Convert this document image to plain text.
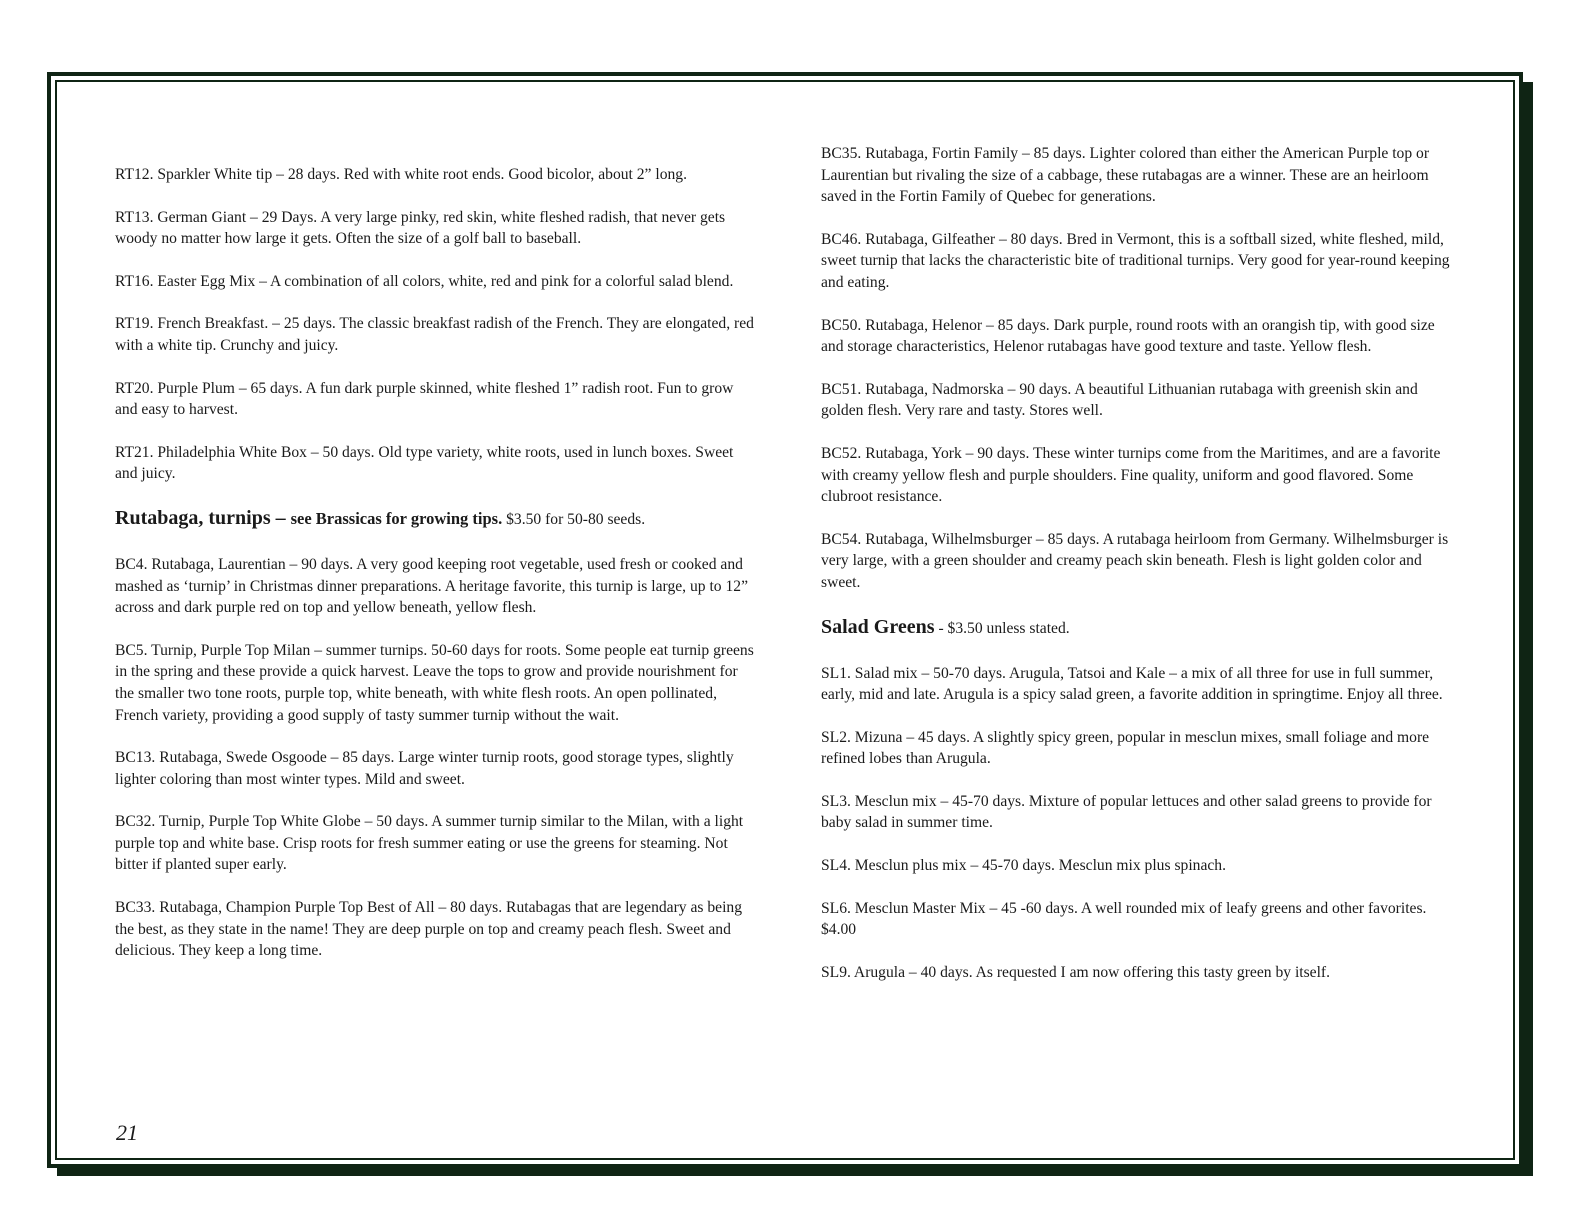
RT12. Sparkler White tip – 28 days. Red with white root ends. Good bicolor, about 2” long.

RT13. German Giant – 29 Days. A very large pinky, red skin, white fleshed radish, that never gets woody no matter how large it gets. Often the size of a golf ball to baseball.

RT16. Easter Egg Mix – A combination of all colors, white, red and pink for a colorful salad blend.

RT19. French Breakfast. – 25 days. The classic breakfast radish of the French. They are elongated, red with a white tip. Crunchy and juicy.

RT20. Purple Plum – 65 days. A fun dark purple skinned, white fleshed 1” radish root. Fun to grow and easy to harvest.

RT21. Philadelphia White Box – 50 days. Old type variety, white roots, used in lunch boxes. Sweet and juicy.

Rutabaga, turnips – see Brassicas for growing tips. $3.50 for 50-80 seeds.

BC4. Rutabaga, Laurentian – 90 days. A very good keeping root vegetable, used fresh or cooked and mashed as ‘turnip’ in Christmas dinner preparations. A heritage favorite, this turnip is large, up to 12” across and dark purple red on top and yellow beneath, yellow flesh.

BC5. Turnip, Purple Top Milan – summer turnips. 50-60 days for roots. Some people eat turnip greens in the spring and these provide a quick harvest. Leave the tops to grow and provide nourishment for the smaller two tone roots, purple top, white beneath, with white flesh roots. An open pollinated, French variety, providing a good supply of tasty summer turnip without the wait.

BC13. Rutabaga, Swede Osgoode – 85 days. Large winter turnip roots, good storage types, slightly lighter coloring than most winter types. Mild and sweet.

BC32. Turnip, Purple Top White Globe – 50 days. A summer turnip similar to the Milan, with a light purple top and white base. Crisp roots for fresh summer eating or use the greens for steaming. Not bitter if planted super early.

BC33. Rutabaga, Champion Purple Top Best of All – 80 days. Rutabagas that are legendary as being the best, as they state in the name! They are deep purple on top and creamy peach flesh. Sweet and delicious. They keep a long time.

BC35. Rutabaga, Fortin Family – 85 days. Lighter colored than either the American Purple top or Laurentian but rivaling the size of a cabbage, these rutabagas are a winner. These are an heirloom saved in the Fortin Family of Quebec for generations.

BC46. Rutabaga, Gilfeather – 80 days. Bred in Vermont, this is a softball sized, white fleshed, mild, sweet turnip that lacks the characteristic bite of traditional turnips. Very good for year-round keeping and eating.

BC50. Rutabaga, Helenor – 85 days. Dark purple, round roots with an orangish tip, with good size and storage characteristics, Helenor rutabagas have good texture and taste. Yellow flesh.

BC51. Rutabaga, Nadmorska – 90 days. A beautiful Lithuanian rutabaga with greenish skin and golden flesh. Very rare and tasty. Stores well.

BC52. Rutabaga, York – 90 days. These winter turnips come from the Maritimes, and are a favorite with creamy yellow flesh and purple shoulders. Fine quality, uniform and good flavored. Some clubroot resistance.

BC54. Rutabaga, Wilhelmsburger – 85 days. A rutabaga heirloom from Germany. Wilhelmsburger is very large, with a green shoulder and creamy peach skin beneath. Flesh is light golden color and sweet.

Salad Greens - $3.50 unless stated.

SL1. Salad mix – 50-70 days. Arugula, Tatsoi and Kale – a mix of all three for use in full summer, early, mid and late. Arugula is a spicy salad green, a favorite addition in springtime. Enjoy all three.

SL2. Mizuna – 45 days. A slightly spicy green, popular in mesclun mixes, small foliage and more refined lobes than Arugula.

SL3. Mesclun mix – 45-70 days. Mixture of popular lettuces and other salad greens to provide for baby salad in summer time.

SL4. Mesclun plus mix – 45-70 days. Mesclun mix plus spinach.

SL6. Mesclun Master Mix – 45 -60 days. A well rounded mix of leafy greens and other favorites. $4.00

SL9. Arugula – 40 days. As requested I am now offering this tasty green by itself.
